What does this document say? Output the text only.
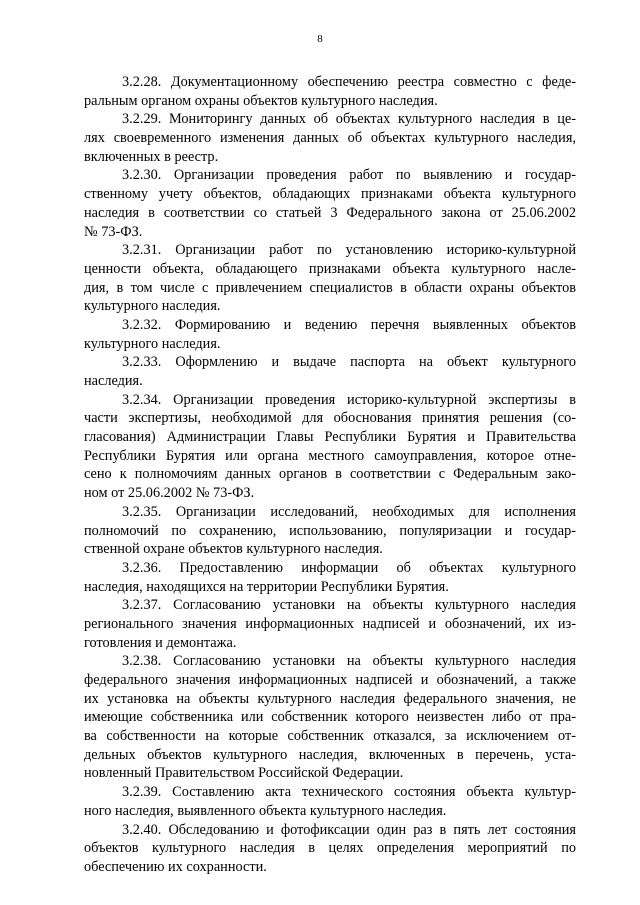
8
3.2.28. Документационному обеспечению реестра совместно с феде-
ральным органом охраны объектов культурного наследия.
3.2.29. Мониторингу данных об объектах культурного наследия в це-
лях своевременного изменения данных об объектах культурного наследия,
включенных в реестр.
3.2.30. Организации проведения работ по выявлению и государ-
ственному учету объектов, обладающих признаками объекта культурного
наследия в соответствии со статьей 3 Федерального закона от 25.06.2002
№ 73-ФЗ.
3.2.31. Организации работ по установлению историко-культурной
ценности объекта, обладающего признаками объекта культурного насле-
дия, в том числе с привлечением специалистов в области охраны объектов
культурного наследия.
3.2.32. Формированию и ведению перечня выявленных объектов
культурного наследия.
3.2.33. Оформлению и выдаче паспорта на объект культурного
наследия.
3.2.34. Организации проведения историко-культурной экспертизы в
части экспертизы, необходимой для обоснования принятия решения (со-
гласования) Администрации Главы Республики Бурятия и Правительства
Республики Бурятия или органа местного самоуправления, которое отне-
сено к полномочиям данных органов в соответствии с Федеральным зако-
ном от 25.06.2002 № 73-ФЗ.
3.2.35. Организации исследований, необходимых для исполнения
полномочий по сохранению, использованию, популяризации и государ-
ственной охране объектов культурного наследия.
3.2.36. Предоставлению информации об объектах культурного
наследия, находящихся на территории Республики Бурятия.
3.2.37. Согласованию установки на объекты культурного наследия
регионального значения информационных надписей и обозначений, их из-
готовления и демонтажа.
3.2.38. Согласованию установки на объекты культурного наследия
федерального значения информационных надписей и обозначений, а также
их установка на объекты культурного наследия федерального значения, не
имеющие собственника или собственник которого неизвестен либо от пра-
ва собственности на которые собственник отказался, за исключением от-
дельных объектов культурного наследия, включенных в перечень, уста-
новленный Правительством Российской Федерации.
3.2.39. Составлению акта технического состояния объекта культур-
ного наследия, выявленного объекта культурного наследия.
3.2.40. Обследованию и фотофиксации один раз в пять лет состояния
объектов культурного наследия в целях определения мероприятий по
обеспечению их сохранности.
